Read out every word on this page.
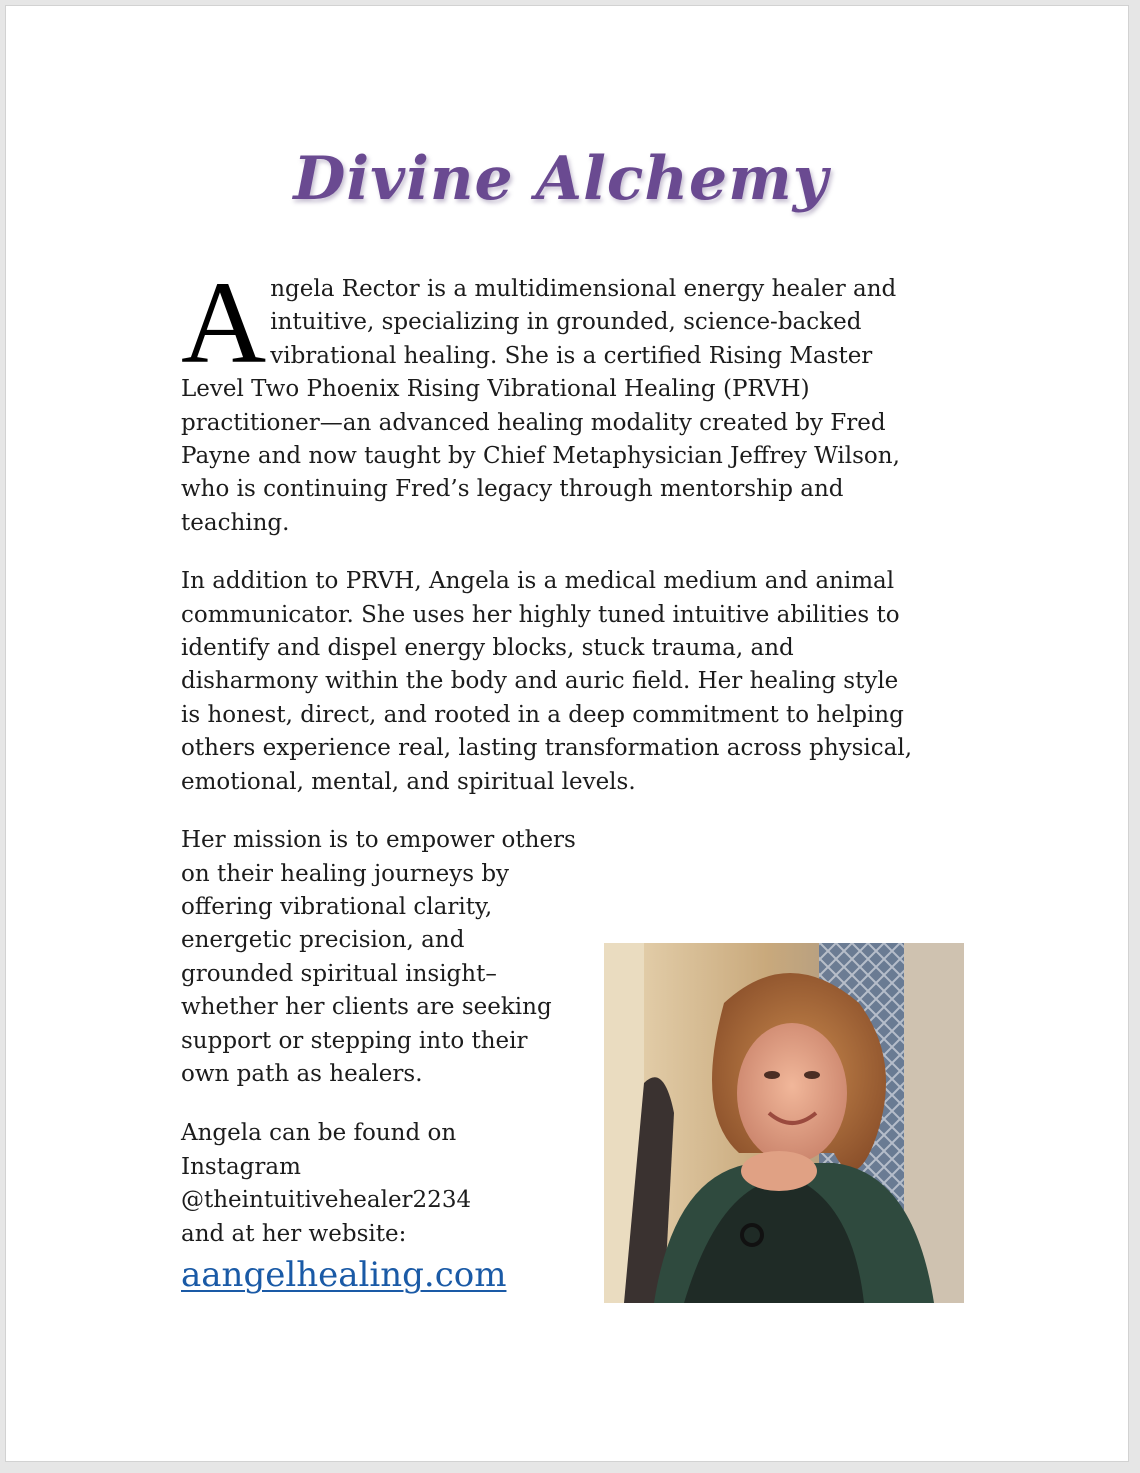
Divine Alchemy

Angela Rector is a multidimensional energy healer and intuitive, specializing in grounded, science-backed vibrational healing. She is a certified Rising Master Level Two Phoenix Rising Vibrational Healing (PRVH) practitioner—an advanced healing modality created by Fred Payne and now taught by Chief Metaphysician Jeffrey Wilson, who is continuing Fred’s legacy through mentorship and teaching.

In addition to PRVH, Angela is a medical medium and animal communicator. She uses her highly tuned intuitive abilities to identify and dispel energy blocks, stuck trauma, and disharmony within the body and auric field. Her healing style is honest, direct, and rooted in a deep commitment to helping others experience real, lasting transformation across physical, emotional, mental, and spiritual levels.

Her mission is to empower others on their healing journeys by offering vibrational clarity, energetic precision, and grounded spiritual insight–whether her clients are seeking support or stepping into their own path as healers.

Angela can be found on
Instagram
@theintuitivehealer2234
and at her website:
aangelhealing.com
